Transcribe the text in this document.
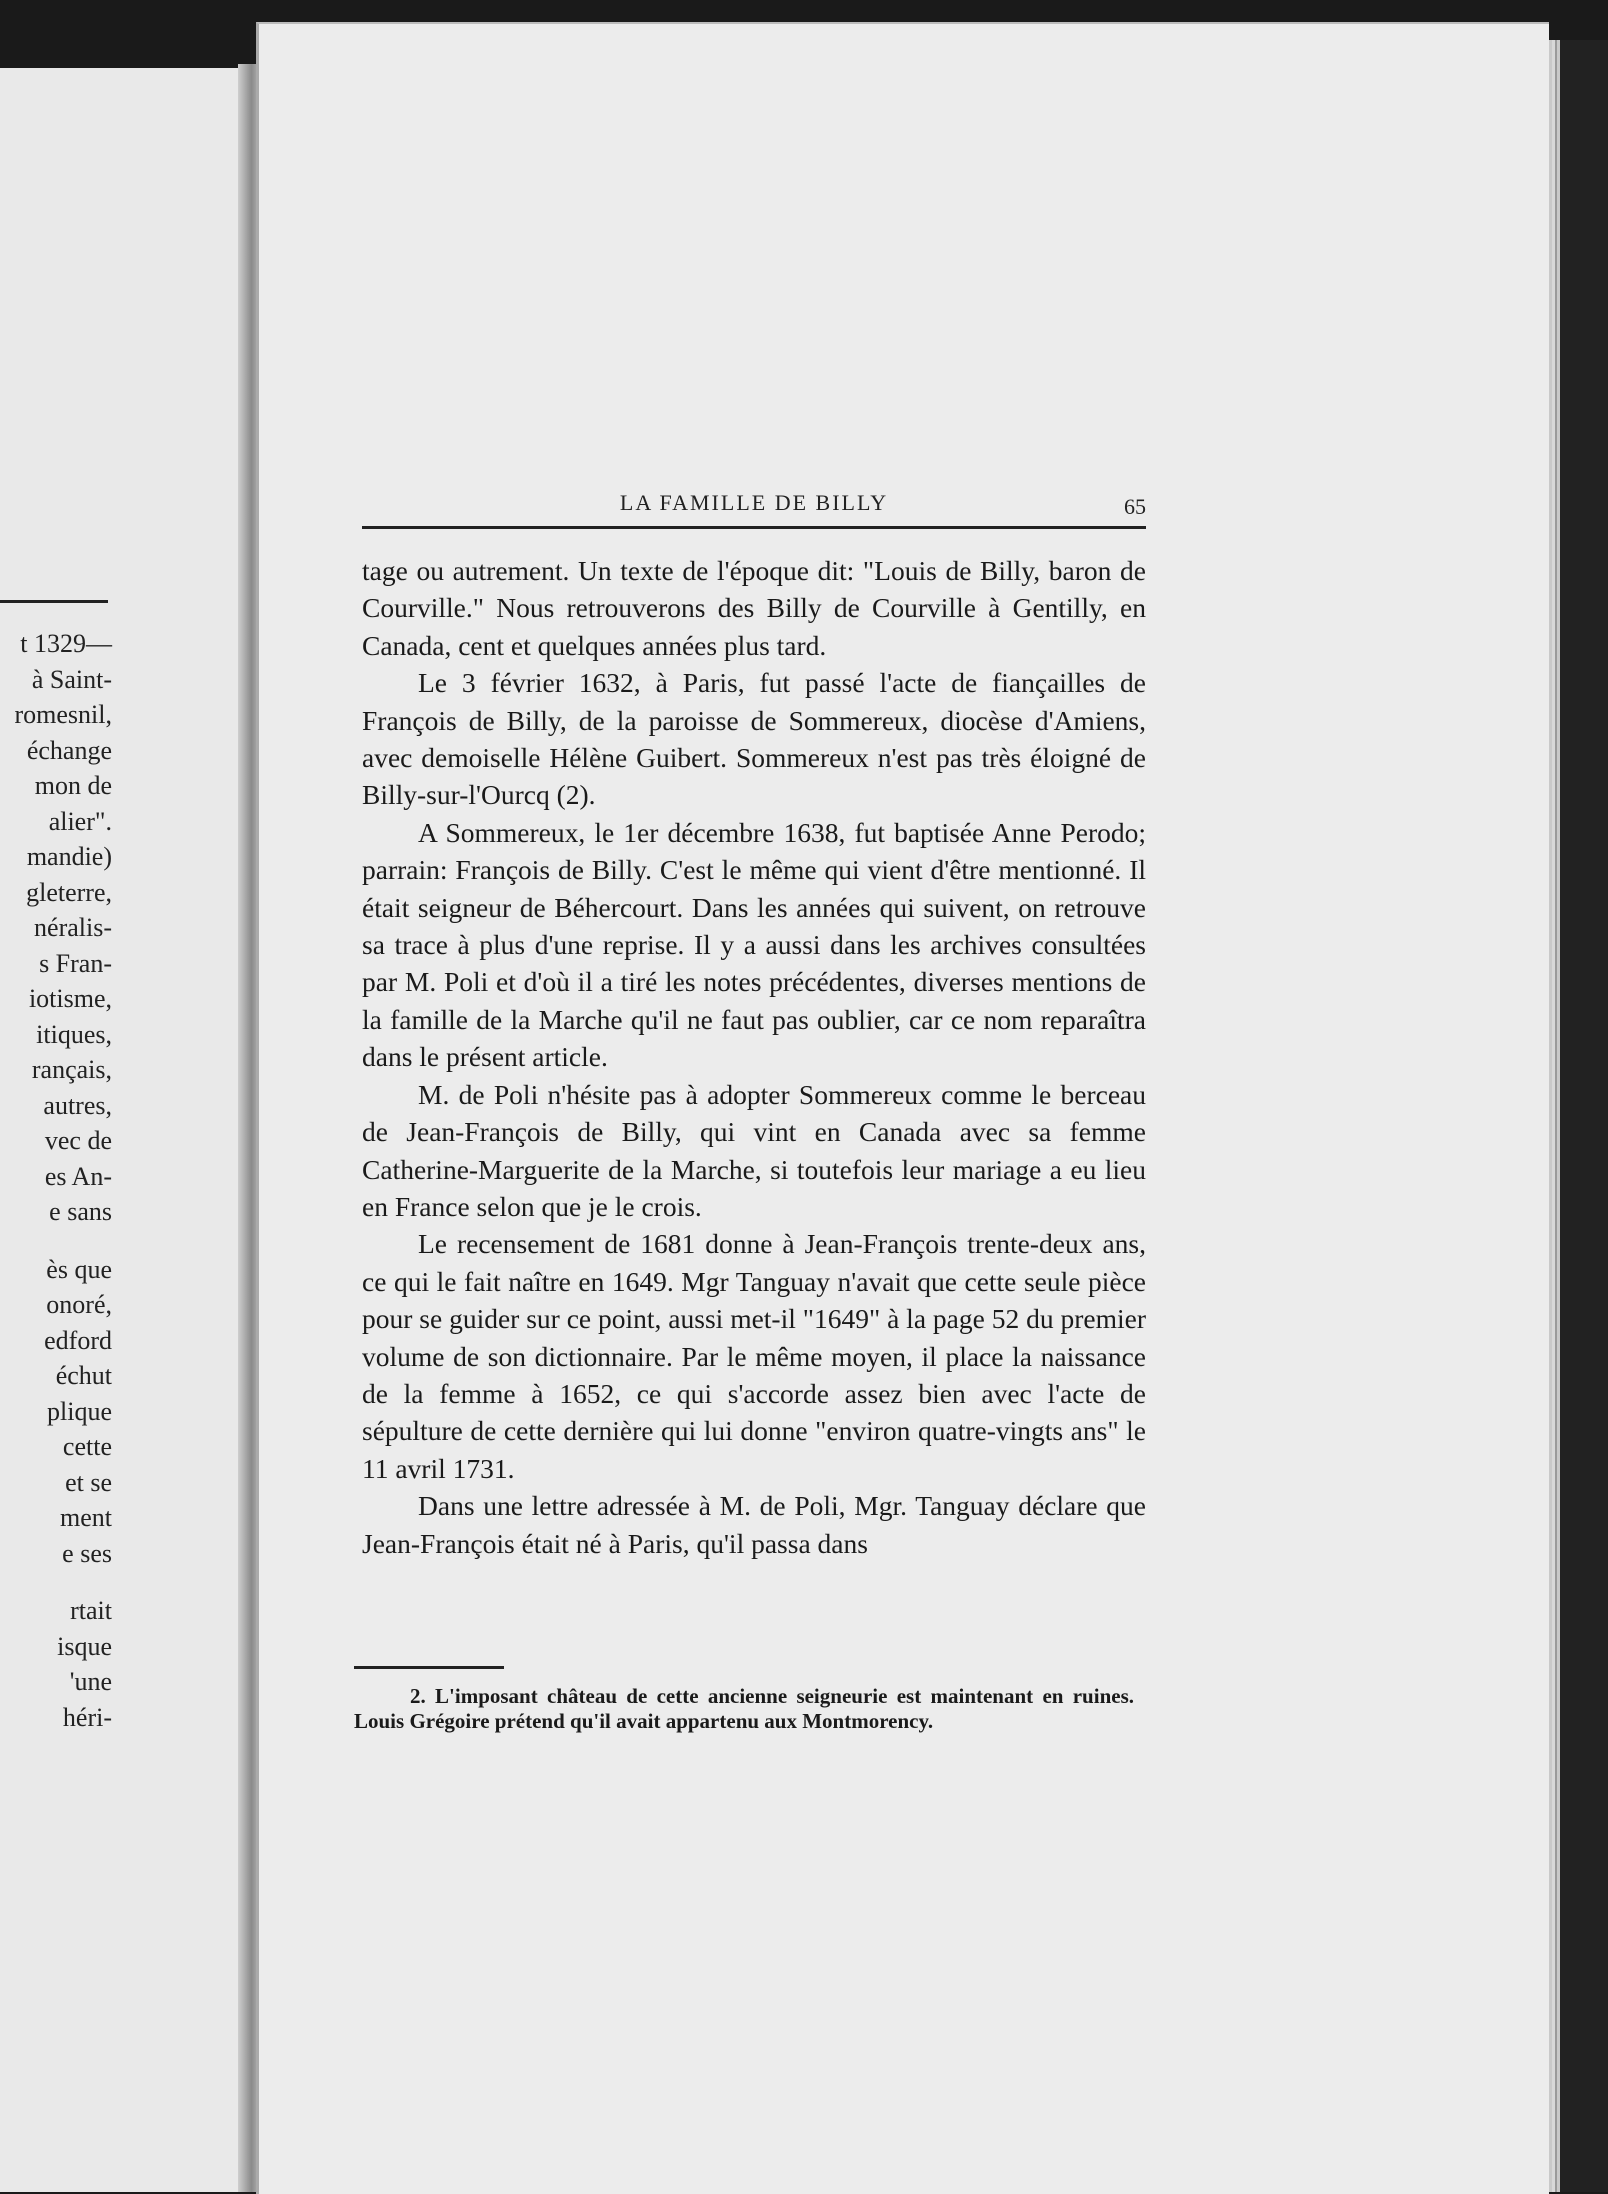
t 1329—
à Saint-
romesnil,
échange
mon de
alier".
mandie)
gleterre,
néralis-
s Fran-
iotisme,
itiques,
rançais,
autres,
vec de
es An-
e sans
ès que
onoré,
edford
échut
plique
cette
et se
ment
e ses
rtait
isque
'une
héri-
LA FAMILLE DE BILLY	65

tage ou autrement. Un texte de l'époque dit: "Louis de Billy, baron de Courville." Nous retrouverons des Billy de Courville à Gentilly, en Canada, cent et quelques années plus tard.

Le 3 février 1632, à Paris, fut passé l'acte de fiançailles de François de Billy, de la paroisse de Sommereux, diocèse d'Amiens, avec demoiselle Hélène Guibert. Sommereux n'est pas très éloigné de Billy-sur-l'Ourcq (2).

A Sommereux, le 1er décembre 1638, fut baptisée Anne Perodo; parrain: François de Billy. C'est le même qui vient d'être mentionné. Il était seigneur de Béhercourt. Dans les années qui suivent, on retrouve sa trace à plus d'une reprise. Il y a aussi dans les archives consultées par M. Poli et d'où il a tiré les notes précédentes, diverses mentions de la famille de la Marche qu'il ne faut pas oublier, car ce nom reparaîtra dans le présent article.

M. de Poli n'hésite pas à adopter Sommereux comme le berceau de Jean-François de Billy, qui vint en Canada avec sa femme Catherine-Marguerite de la Marche, si toutefois leur mariage a eu lieu en France selon que je le crois.

Le recensement de 1681 donne à Jean-François trente-deux ans, ce qui le fait naître en 1649. Mgr Tanguay n'avait que cette seule pièce pour se guider sur ce point, aussi met-il "1649" à la page 52 du premier volume de son dictionnaire. Par le même moyen, il place la naissance de la femme à 1652, ce qui s'accorde assez bien avec l'acte de sépulture de cette dernière qui lui donne "environ quatre-vingts ans" le 11 avril 1731.

Dans une lettre adressée à M. de Poli, Mgr. Tanguay déclare que Jean-François était né à Paris, qu'il passa dans

2. L'imposant château de cette ancienne seigneurie est maintenant en ruines. Louis Grégoire prétend qu'il avait appartenu aux Montmorency.
